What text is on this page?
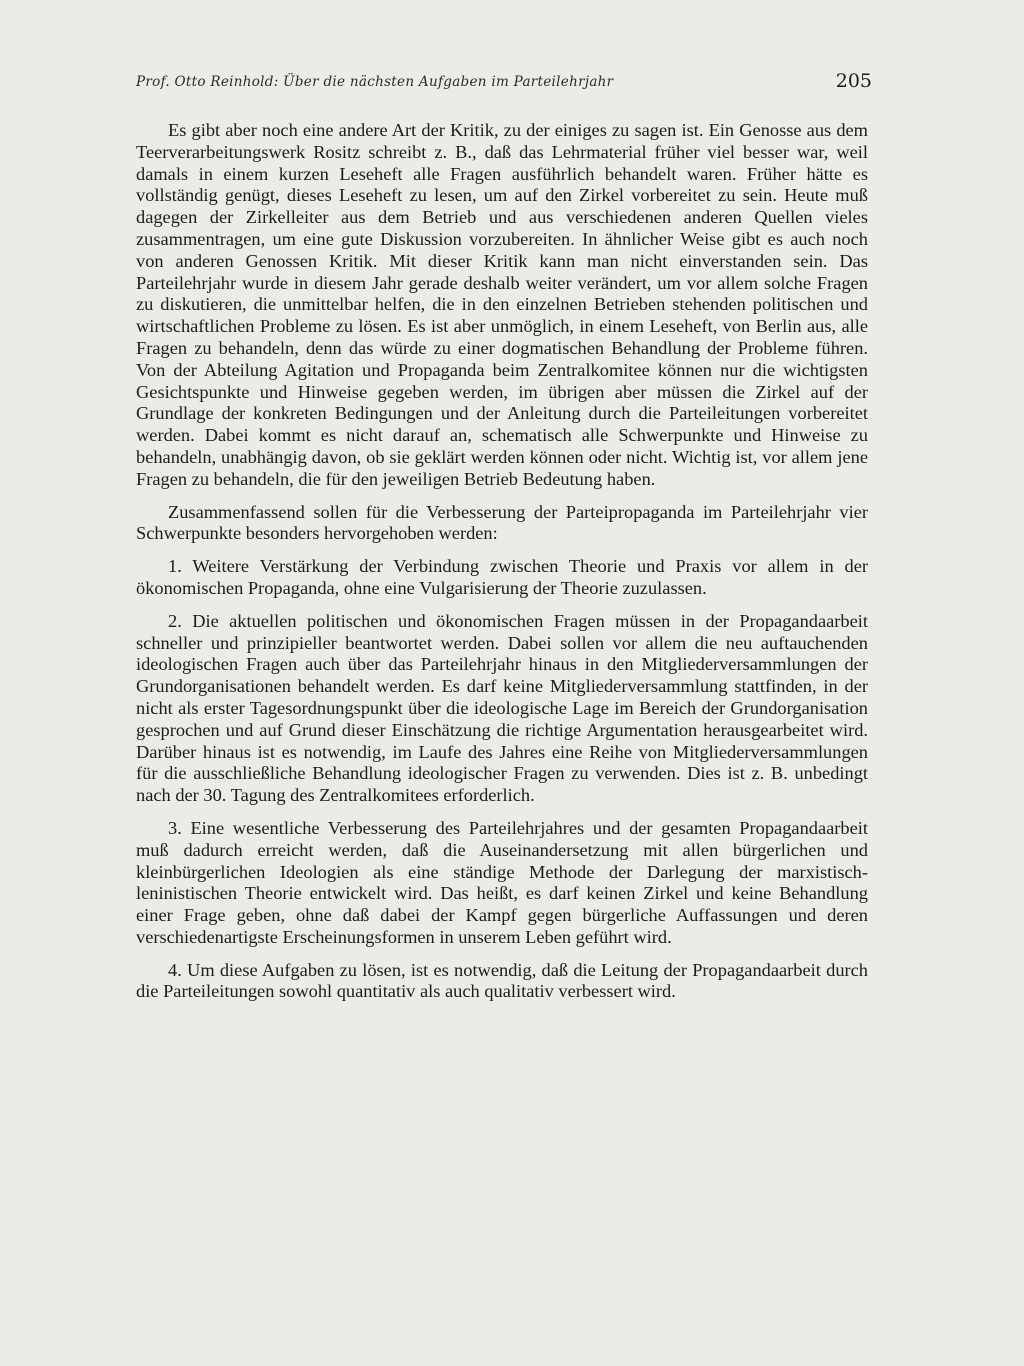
Prof. Otto Reinhold: Über die nächsten Aufgaben im Parteilehrjahr	205

Es gibt aber noch eine andere Art der Kritik, zu der einiges zu sagen ist. Ein Genosse aus dem Teerverarbeitungswerk Rositz schreibt z. B., daß das Lehrmaterial früher viel besser war, weil damals in einem kurzen Leseheft alle Fragen ausführlich behandelt waren. Früher hätte es vollständig genügt, dieses Leseheft zu lesen, um auf den Zirkel vorbereitet zu sein. Heute muß dagegen der Zirkelleiter aus dem Betrieb und aus verschiedenen anderen Quellen vieles zusammentragen, um eine gute Diskussion vorzubereiten. In ähnlicher Weise gibt es auch noch von anderen Genossen Kritik. Mit dieser Kritik kann man nicht einverstanden sein. Das Parteilehrjahr wurde in diesem Jahr gerade deshalb weiter verändert, um vor allem solche Fragen zu diskutieren, die unmittelbar helfen, die in den einzelnen Betrieben stehenden politischen und wirtschaftlichen Probleme zu lösen. Es ist aber unmöglich, in einem Leseheft, von Berlin aus, alle Fragen zu behandeln, denn das würde zu einer dogmatischen Behandlung der Probleme führen. Von der Abteilung Agitation und Propaganda beim Zentralkomitee können nur die wichtigsten Gesichtspunkte und Hinweise gegeben werden, im übrigen aber müssen die Zirkel auf der Grundlage der konkreten Bedingungen und der Anleitung durch die Parteileitungen vorbereitet werden. Dabei kommt es nicht darauf an, schematisch alle Schwerpunkte und Hinweise zu behandeln, unabhängig davon, ob sie geklärt werden können oder nicht. Wichtig ist, vor allem jene Fragen zu behandeln, die für den jeweiligen Betrieb Bedeutung haben.

Zusammenfassend sollen für die Verbesserung der Parteipropaganda im Parteilehrjahr vier Schwerpunkte besonders hervorgehoben werden:

1. Weitere Verstärkung der Verbindung zwischen Theorie und Praxis vor allem in der ökonomischen Propaganda, ohne eine Vulgarisierung der Theorie zuzulassen.

2. Die aktuellen politischen und ökonomischen Fragen müssen in der Propagandaarbeit schneller und prinzipieller beantwortet werden. Dabei sollen vor allem die neu auftauchenden ideologischen Fragen auch über das Parteilehrjahr hinaus in den Mitgliederversammlungen der Grundorganisationen behandelt werden. Es darf keine Mitgliederversammlung stattfinden, in der nicht als erster Tagesordnungspunkt über die ideologische Lage im Bereich der Grundorganisation gesprochen und auf Grund dieser Einschätzung die richtige Argumentation herausgearbeitet wird. Darüber hinaus ist es notwendig, im Laufe des Jahres eine Reihe von Mitgliederversammlungen für die ausschließliche Behandlung ideologischer Fragen zu verwenden. Dies ist z. B. unbedingt nach der 30. Tagung des Zentralkomitees erforderlich.

3. Eine wesentliche Verbesserung des Parteilehrjahres und der gesamten Propagandaarbeit muß dadurch erreicht werden, daß die Auseinandersetzung mit allen bürgerlichen und kleinbürgerlichen Ideologien als eine ständige Methode der Darlegung der marxistisch-leninistischen Theorie entwickelt wird. Das heißt, es darf keinen Zirkel und keine Behandlung einer Frage geben, ohne daß dabei der Kampf gegen bürgerliche Auffassungen und deren verschiedenartigste Erscheinungsformen in unserem Leben geführt wird.

4. Um diese Aufgaben zu lösen, ist es notwendig, daß die Leitung der Propagandaarbeit durch die Parteileitungen sowohl quantitativ als auch qualitativ verbessert wird.
